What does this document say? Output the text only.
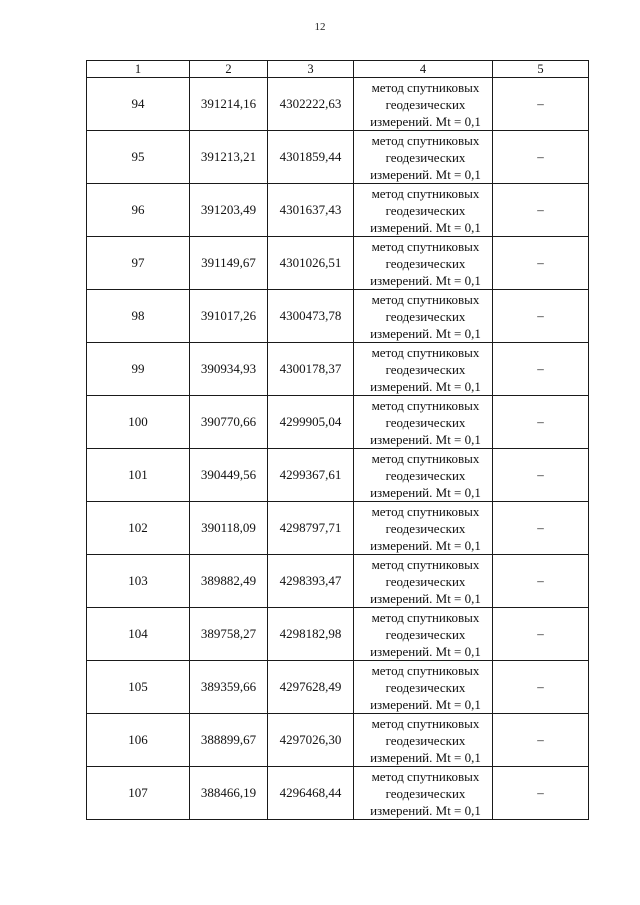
12
1	2	3	4	5
94	391214,16	4302222,63	метод спутниковых
геодезических
измерений. Mt = 0,1	–
95	391213,21	4301859,44	метод спутниковых
геодезических
измерений. Mt = 0,1	–
96	391203,49	4301637,43	метод спутниковых
геодезических
измерений. Mt = 0,1	–
97	391149,67	4301026,51	метод спутниковых
геодезических
измерений. Mt = 0,1	–
98	391017,26	4300473,78	метод спутниковых
геодезических
измерений. Mt = 0,1	–
99	390934,93	4300178,37	метод спутниковых
геодезических
измерений. Mt = 0,1	–
100	390770,66	4299905,04	метод спутниковых
геодезических
измерений. Mt = 0,1	–
101	390449,56	4299367,61	метод спутниковых
геодезических
измерений. Mt = 0,1	–
102	390118,09	4298797,71	метод спутниковых
геодезических
измерений. Mt = 0,1	–
103	389882,49	4298393,47	метод спутниковых
геодезических
измерений. Mt = 0,1	–
104	389758,27	4298182,98	метод спутниковых
геодезических
измерений. Mt = 0,1	–
105	389359,66	4297628,49	метод спутниковых
геодезических
измерений. Mt = 0,1	–
106	388899,67	4297026,30	метод спутниковых
геодезических
измерений. Mt = 0,1	–
107	388466,19	4296468,44	метод спутниковых
геодезических
измерений. Mt = 0,1	–
